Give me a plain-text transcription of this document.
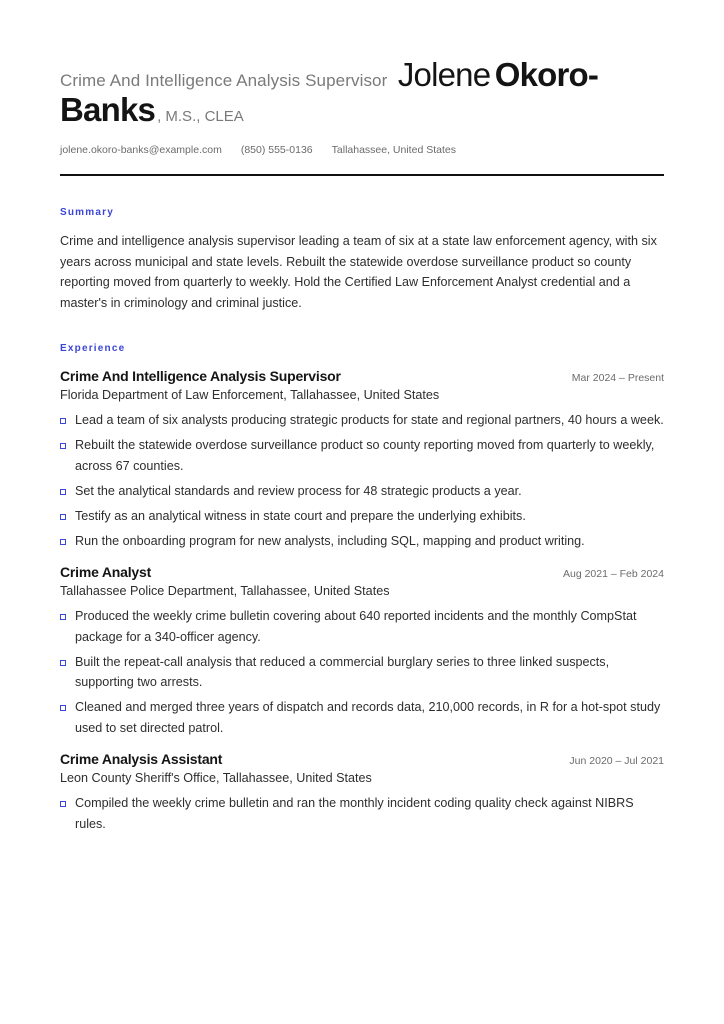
Crime And Intelligence Analysis Supervisor Jolene Okoro-
Banks , M.S., CLEA
jolene.okoro-banks@example.com (850) 555-0136 Tallahassee, United States
Summary
Crime and intelligence analysis supervisor leading a team of six at a state law enforcement agency, with six years across municipal and state levels. Rebuilt the statewide overdose surveillance product so county reporting moved from quarterly to weekly. Hold the Certified Law Enforcement Analyst credential and a master's in criminology and criminal justice.
Experience
Crime And Intelligence Analysis Supervisor	Mar 2024 – Present
Florida Department of Law Enforcement, Tallahassee, United States
Lead a team of six analysts producing strategic products for state and regional partners, 40 hours a week.
Rebuilt the statewide overdose surveillance product so county reporting moved from quarterly to weekly, across 67 counties.
Set the analytical standards and review process for 48 strategic products a year.
Testify as an analytical witness in state court and prepare the underlying exhibits.
Run the onboarding program for new analysts, including SQL, mapping and product writing.
Crime Analyst	Aug 2021 – Feb 2024
Tallahassee Police Department, Tallahassee, United States
Produced the weekly crime bulletin covering about 640 reported incidents and the monthly CompStat package for a 340-officer agency.
Built the repeat-call analysis that reduced a commercial burglary series to three linked suspects, supporting two arrests.
Cleaned and merged three years of dispatch and records data, 210,000 records, in R for a hot-spot study used to set directed patrol.
Crime Analysis Assistant	Jun 2020 – Jul 2021
Leon County Sheriff's Office, Tallahassee, United States
Compiled the weekly crime bulletin and ran the monthly incident coding quality check against NIBRS rules.
